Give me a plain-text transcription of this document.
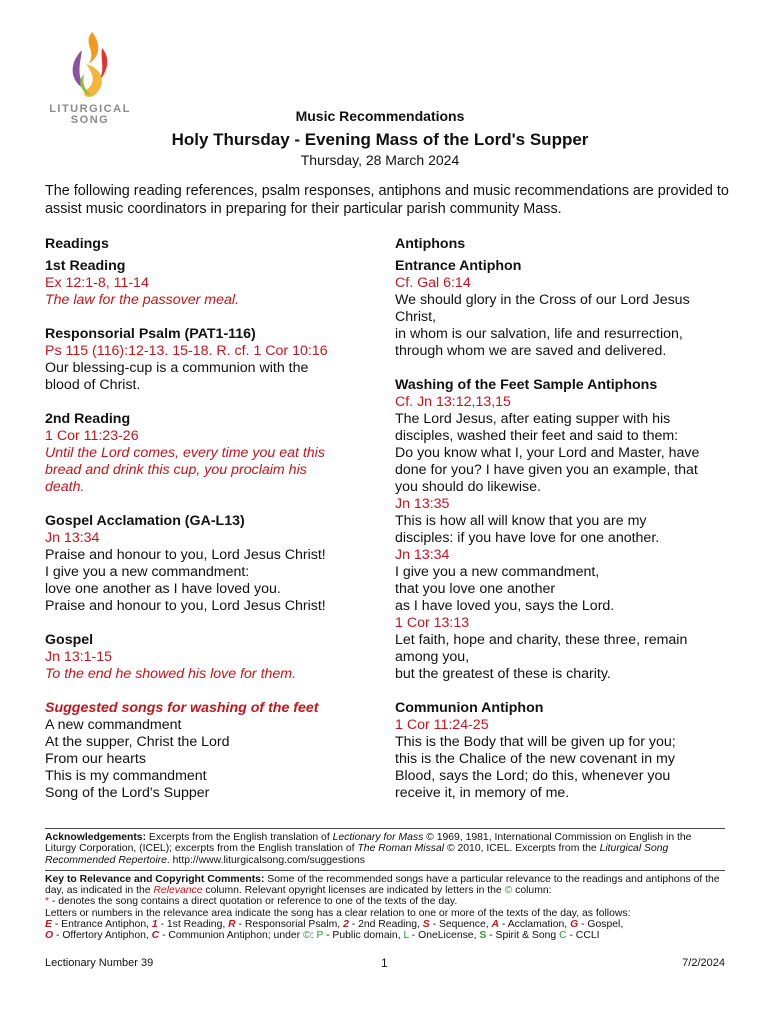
LITURGICAL
SONG	Music Recommendations
Holy Thursday - Evening Mass of the Lord's Supper
Thursday, 28 March 2024
The following reading references, psalm responses, antiphons and music recommendations are provided to assist music coordinators in preparing for their particular parish community Mass.
Readings
1st Reading
Ex 12:1-8, 11-14
The law for the passover meal.
Responsorial Psalm (PAT1-116)
Ps 115 (116):12-13. 15-18. R. cf. 1 Cor 10:16
Our blessing-cup is a communion with the
blood of Christ.
2nd Reading
1 Cor 11:23-26
Until the Lord comes, every time you eat this
bread and drink this cup, you proclaim his
death.
Gospel Acclamation (GA-L13)
Jn 13:34
Praise and honour to you, Lord Jesus Christ!
I give you a new commandment:
love one another as I have loved you.
Praise and honour to you, Lord Jesus Christ!
Gospel
Jn 13:1-15
To the end he showed his love for them.
Suggested songs for washing of the feet
A new commandment
At the supper, Christ the Lord
From our hearts
This is my commandment
Song of the Lord's Supper
Antiphons
Entrance Antiphon
Cf. Gal 6:14
We should glory in the Cross of our Lord Jesus
Christ,
in whom is our salvation, life and resurrection,
through whom we are saved and delivered.
Washing of the Feet Sample Antiphons
Cf. Jn 13:12,13,15
The Lord Jesus, after eating supper with his
disciples, washed their feet and said to them:
Do you know what I, your Lord and Master, have
done for you? I have given you an example, that
you should do likewise.
Jn 13:35
This is how all will know that you are my
disciples: if you have love for one another.
Jn 13:34
I give you a new commandment,
that you love one another
as I have loved you, says the Lord.
1 Cor 13:13
Let faith, hope and charity, these three, remain
among you,
but the greatest of these is charity.
Communion Antiphon
1 Cor 11:24-25
This is the Body that will be given up for you;
this is the Chalice of the new covenant in my
Blood, says the Lord; do this, whenever you
receive it, in memory of me.
Acknowledgements: Excerpts from the English translation of Lectionary for Mass © 1969, 1981, International Commission on English in the Liturgy Corporation, (ICEL); excerpts from the English translation of The Roman Missal © 2010, ICEL. Excerpts from the Liturgical Song Recommended Repertoire. http://www.liturgicalsong.com/suggestions
Key to Relevance and Copyright Comments: Some of the recommended songs have a particular relevance to the readings and antiphons of the day, as indicated in the Relevance column. Relevant opyright licenses are indicated by letters in the © column:
* - denotes the song contains a direct quotation or reference to one of the texts of the day.
Letters or numbers in the relevance area indicate the song has a clear relation to one or more of the texts of the day, as follows:
E - Entrance Antiphon, 1 - 1st Reading, R - Responsorial Psalm, 2 - 2nd Reading, S - Sequence, A - Acclamation, G - Gospel,
O - Offertory Antiphon, C - Communion Antiphon; under ©: P - Public domain, L - OneLicense, S - Spirit & Song C - CCLI
Lectionary Number 39	1	7/2/2024
